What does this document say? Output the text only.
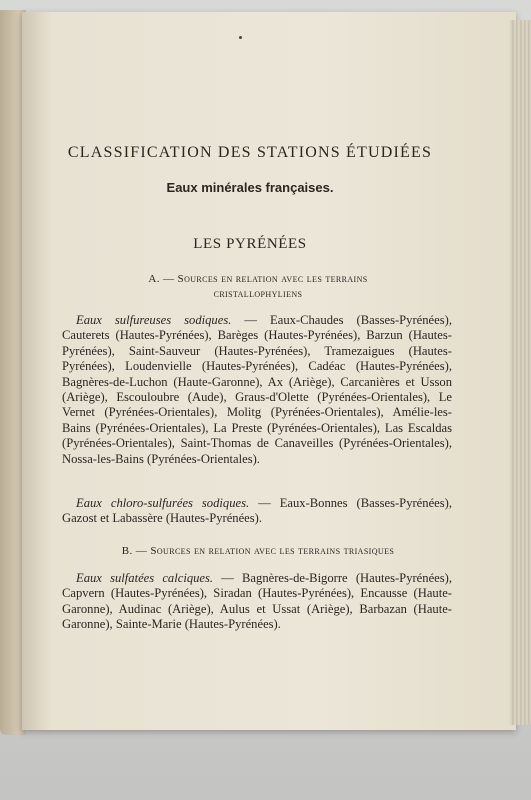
CLASSIFICATION DES STATIONS ÉTUDIÉES
Eaux minérales françaises.
LES PYRÉNÉES
A. — Sources en relation avec les terrains
cristallophyliens
Eaux sulfureuses sodiques. — Eaux-Chaudes (Basses-Pyrénées), Cauterets (Hautes-Pyrénées), Barèges (Hautes-Pyrénées), Barzun (Hautes-Pyrénées), Saint-Sauveur (Hautes-Pyrénées), Tramezaigues (Hautes-Pyrénées), Loudenvielle (Hautes-Pyrénées), Cadéac (Hautes-Pyrénées), Bagnères-de-Luchon (Haute-Garonne), Ax (Ariège), Carcanières et Usson (Ariège), Escouloubre (Aude), Graus-d'Olette (Pyrénées-Orientales), Le Vernet (Pyrénées-Orientales), Molitg (Pyrénées-Orientales), Amélie-les-Bains (Pyrénées-Orientales), La Preste (Pyrénées-Orientales), Las Escaldas (Pyrénées-Orientales), Saint-Thomas de Canaveilles (Pyrénées-Orientales), Nossa-les-Bains (Pyrénées-Orientales).
Eaux chloro-sulfurées sodiques. — Eaux-Bonnes (Basses-Pyrénées), Gazost et Labassère (Hautes-Pyrénées).
B. — Sources en relation avec les terrains triasiques
Eaux sulfatées calciques. — Bagnères-de-Bigorre (Hautes-Pyrénées), Capvern (Hautes-Pyrénées), Siradan (Hautes-Pyrénées), Encausse (Haute-Garonne), Audinac (Ariège), Aulus et Ussat (Ariège), Barbazan (Haute-Garonne), Sainte-Marie (Hautes-Pyrénées).
